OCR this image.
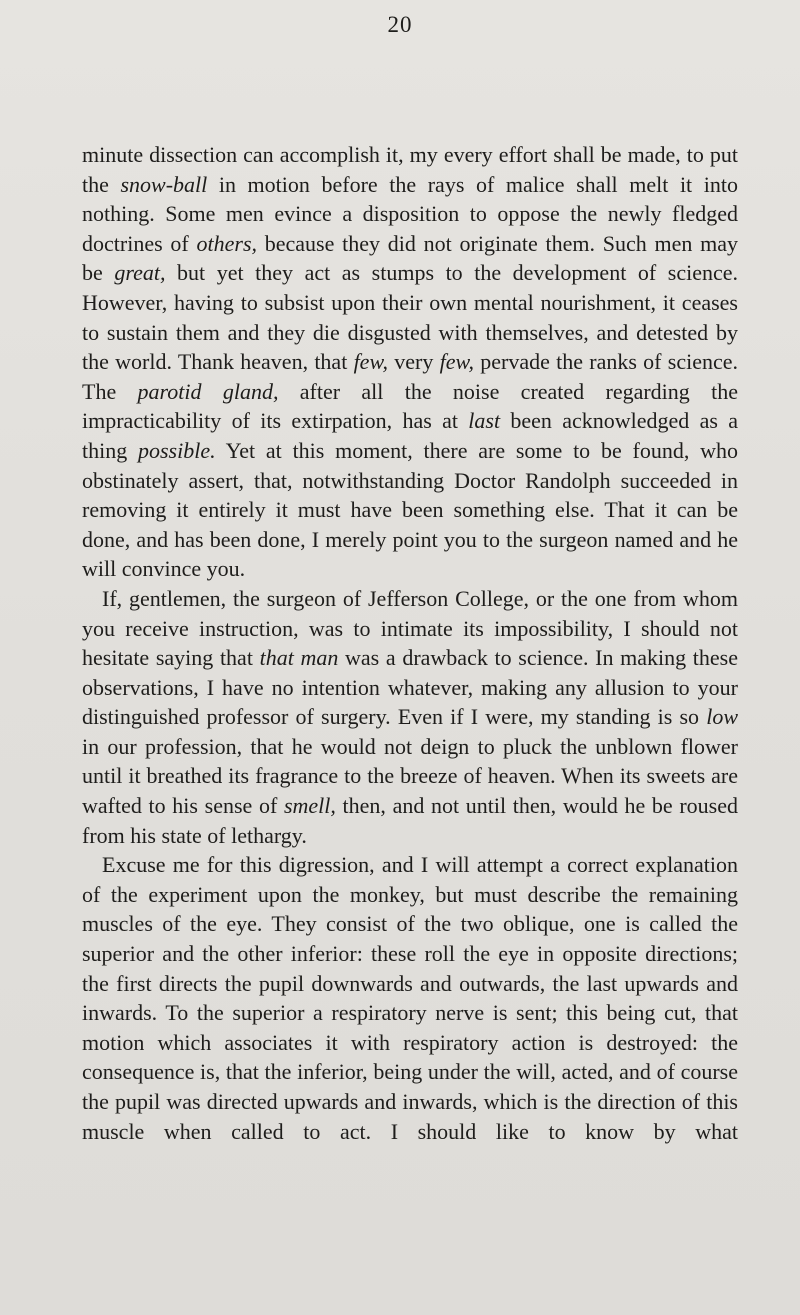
20

minute dissection can accomplish it, my every effort shall be made, to put the snow-ball in motion before the rays of malice shall melt it into nothing. Some men evince a disposition to oppose the newly fledged doctrines of others, because they did not originate them. Such men may be great, but yet they act as stumps to the development of science. However, having to subsist upon their own mental nourishment, it ceases to sustain them and they die disgusted with themselves, and detested by the world. Thank heaven, that few, very few, pervade the ranks of science. The parotid gland, after all the noise created regarding the impracticability of its extirpation, has at last been acknowledged as a thing possible. Yet at this moment, there are some to be found, who obstinately assert, that, notwithstanding Doctor Randolph succeeded in removing it entirely it must have been something else. That it can be done, and has been done, I merely point you to the surgeon named and he will convince you.

If, gentlemen, the surgeon of Jefferson College, or the one from whom you receive instruction, was to intimate its impossibility, I should not hesitate saying that that man was a drawback to science. In making these observations, I have no intention whatever, making any allusion to your distinguished professor of surgery. Even if I were, my standing is so low in our profession, that he would not deign to pluck the unblown flower until it breathed its fragrance to the breeze of heaven. When its sweets are wafted to his sense of smell, then, and not until then, would he be roused from his state of lethargy.

Excuse me for this digression, and I will attempt a correct explanation of the experiment upon the monkey, but must describe the remaining muscles of the eye. They consist of the two oblique, one is called the superior and the other inferior: these roll the eye in opposite directions; the first directs the pupil downwards and outwards, the last upwards and inwards. To the superior a respiratory nerve is sent; this being cut, that motion which associates it with respiratory action is destroyed: the consequence is, that the inferior, being under the will, acted, and of course the pupil was directed upwards and inwards, which is the direction of this muscle when called to act. I should like to know by what
